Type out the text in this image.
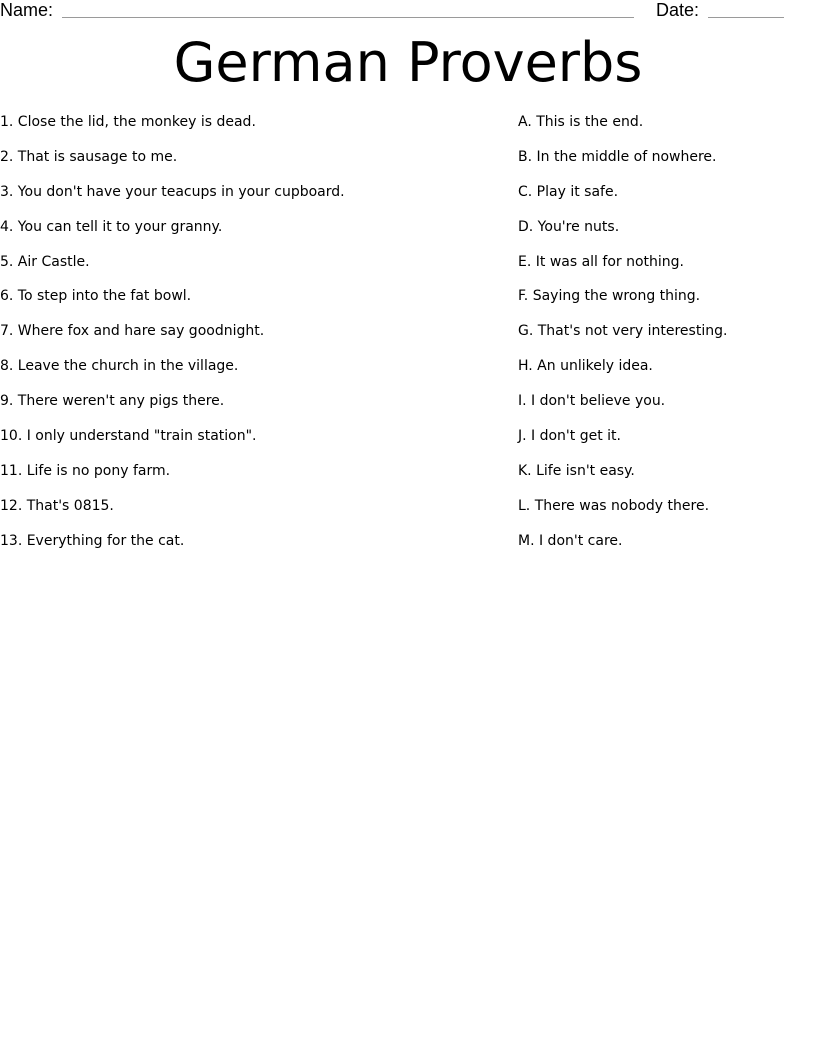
Name:	Date:
German Proverbs
1. Close the lid, the monkey is dead.
2. That is sausage to me.
3. You don't have your teacups in your cupboard.
4. You can tell it to your granny.
5. Air Castle.
6. To step into the fat bowl.
7. Where fox and hare say goodnight.
8. Leave the church in the village.
9. There weren't any pigs there.
10. I only understand "train station".
11. Life is no pony farm.
12. That's 0815.
13. Everything for the cat.
A. This is the end.
B. In the middle of nowhere.
C. Play it safe.
D. You're nuts.
E. It was all for nothing.
F. Saying the wrong thing.
G. That's not very interesting.
H. An unlikely idea.
I. I don't believe you.
J. I don't get it.
K. Life isn't easy.
L. There was nobody there.
M. I don't care.
